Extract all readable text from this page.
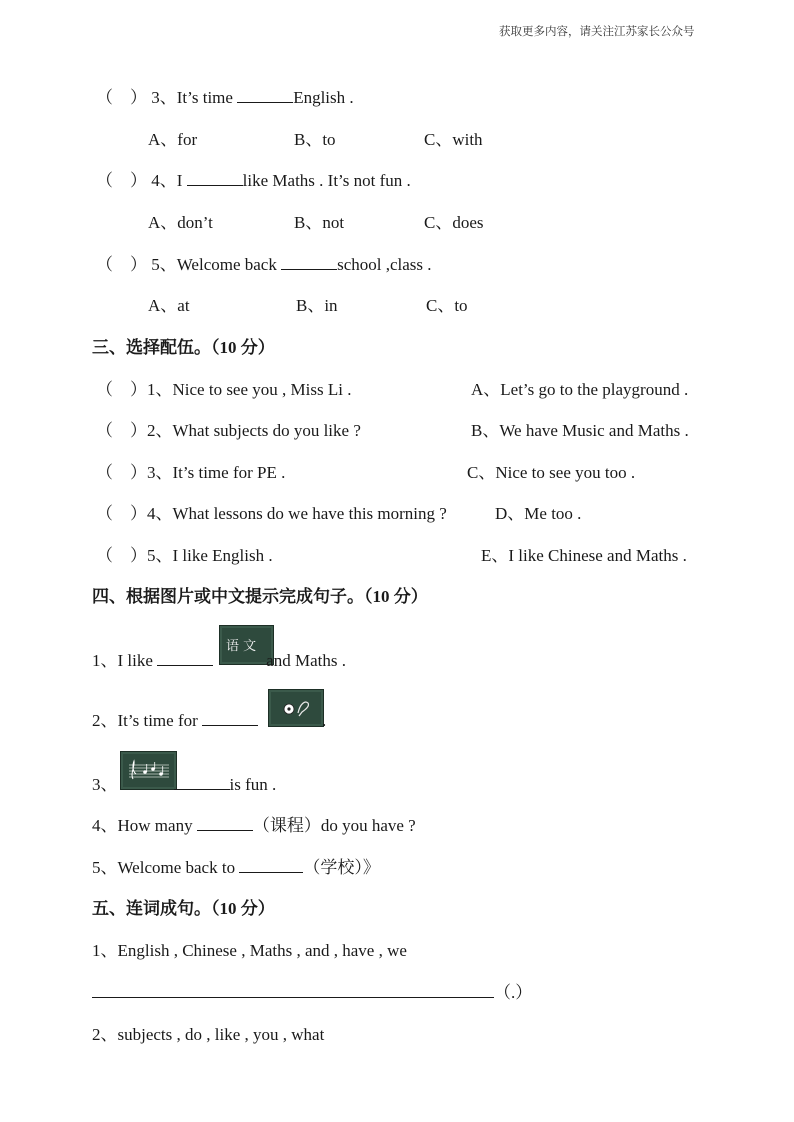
获取更多内容，请关注江苏家长公众号
（　） 3、It’s time	English .
A、for	B、to	C、with
（　） 4、I	like Maths . It’s not fun .
A、don’t	B、not	C、does
（　） 5、Welcome back	school ,class .
A、at	B、in	C、to
三、选择配伍。（10 分）
（　）1、Nice to see you , Miss Li .	A、Let’s go to the playground .
（　）2、What subjects do you like ?	B、We have Music and Maths .
（　）3、It’s time for PE .	C、Nice to see you too .
（　）4、What lessons do we have this morning ?	D、Me too .
（　）5、I like English .	E、I like Chinese and Maths .
四、根据图片或中文提示完成句子。（10 分）
语 文
1、I like	and Maths .
2、It’s time for	.
3、	is fun .
4、How many	（课程）do you have ?
5、Welcome back to	（学校）》
五、连词成句。（10 分）
1、English , Chinese , Maths , and , have , we
（.）
2、subjects , do , like , you , what
